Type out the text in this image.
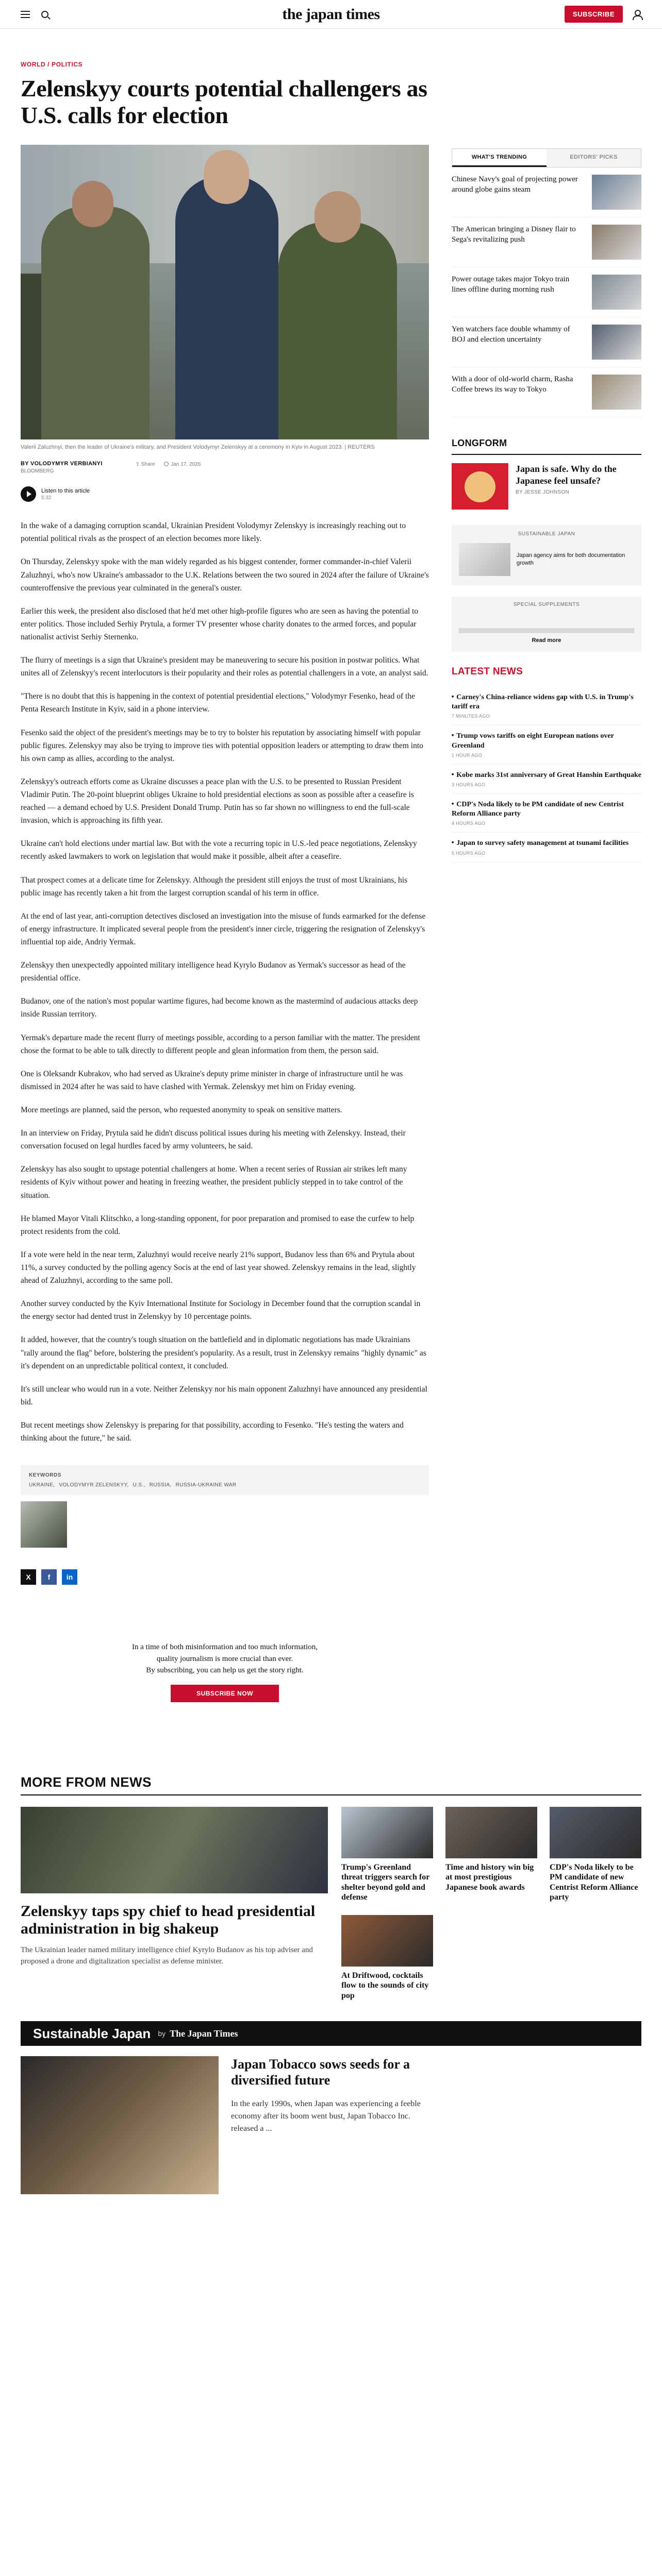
the japan times	SUBSCRIBE
WORLD / POLITICS
Zelenskyy courts potential challengers as U.S. calls for election
Valerii Zaluzhnyi, then the leader of Ukraine's military, and President Volodymyr Zelenskyy at a ceremony in Kyiv in August 2023. | REUTERS
BY VOLODYMYR VERBIANYI
BLOOMBERG
⇪ Share	Jan 17, 2026
Listen to this article
5:32

In the wake of a damaging corruption scandal, Ukrainian President Volodymyr Zelenskyy is increasingly reaching out to potential political rivals as the prospect of an election becomes more likely.

On Thursday, Zelenskyy spoke with the man widely regarded as his biggest contender, former commander-in-chief Valerii Zaluzhnyi, who's now Ukraine's ambassador to the U.K. Relations between the two soured in 2024 after the failure of Ukraine's counteroffensive the previous year culminated in the general's ouster.

Earlier this week, the president also disclosed that he'd met other high-profile figures who are seen as having the potential to enter politics. Those included Serhiy Prytula, a former TV presenter whose charity donates to the armed forces, and popular nationalist activist Serhiy Sternenko.

The flurry of meetings is a sign that Ukraine's president may be maneuvering to secure his position in postwar politics. What unites all of Zelenskyy's recent interlocutors is their popularity and their roles as potential challengers in a vote, an analyst said.

"There is no doubt that this is happening in the context of potential presidential elections," Volodymyr Fesenko, head of the Penta Research Institute in Kyiv, said in a phone interview.

Fesenko said the object of the president's meetings may be to try to bolster his reputation by associating himself with popular public figures. Zelenskyy may also be trying to improve ties with potential opposition leaders or attempting to draw them into his own camp as allies, according to the analyst.

Zelenskyy's outreach efforts come as Ukraine discusses a peace plan with the U.S. to be presented to Russian President Vladimir Putin. The 20-point blueprint obliges Ukraine to hold presidential elections as soon as possible after a ceasefire is reached — a demand echoed by U.S. President Donald Trump. Putin has so far shown no willingness to end the full-scale invasion, which is approaching its fifth year.

Ukraine can't hold elections under martial law. But with the vote a recurring topic in U.S.-led peace negotiations, Zelenskyy recently asked lawmakers to work on legislation that would make it possible, albeit after a ceasefire.

That prospect comes at a delicate time for Zelenskyy. Although the president still enjoys the trust of most Ukrainians, his public image has recently taken a hit from the largest corruption scandal of his term in office.

At the end of last year, anti-corruption detectives disclosed an investigation into the misuse of funds earmarked for the defense of energy infrastructure. It implicated several people from the president's inner circle, triggering the resignation of Zelenskyy's influential top aide, Andriy Yermak.

Zelenskyy then unexpectedly appointed military intelligence head Kyrylo Budanov as Yermak's successor as head of the presidential office.

Budanov, one of the nation's most popular wartime figures, had become known as the mastermind of audacious attacks deep inside Russian territory.

Yermak's departure made the recent flurry of meetings possible, according to a person familiar with the matter. The president chose the format to be able to talk directly to different people and glean information from them, the person said.

One is Oleksandr Kubrakov, who had served as Ukraine's deputy prime minister in charge of infrastructure until he was dismissed in 2024 after he was said to have clashed with Yermak. Zelenskyy met him on Friday evening.

More meetings are planned, said the person, who requested anonymity to speak on sensitive matters.

In an interview on Friday, Prytula said he didn't discuss political issues during his meeting with Zelenskyy. Instead, their conversation focused on legal hurdles faced by army volunteers, he said.

Zelenskyy has also sought to upstage potential challengers at home. When a recent series of Russian air strikes left many residents of Kyiv without power and heating in freezing weather, the president publicly stepped in to take control of the situation.

He blamed Mayor Vitali Klitschko, a long-standing opponent, for poor preparation and promised to ease the curfew to help protect residents from the cold.

If a vote were held in the near term, Zaluzhnyi would receive nearly 21% support, Budanov less than 6% and Prytula about 11%, a survey conducted by the polling agency Socis at the end of last year showed. Zelenskyy remains in the lead, slightly ahead of Zaluzhnyi, according to the same poll.

Another survey conducted by the Kyiv International Institute for Sociology in December found that the corruption scandal in the energy sector had dented trust in Zelenskyy by 10 percentage points.

It added, however, that the country's tough situation on the battlefield and in diplomatic negotiations has made Ukrainians "rally around the flag" before, bolstering the president's popularity. As a result, trust in Zelenskyy remains "highly dynamic" as it's dependent on an unpredictable political context, it concluded.

It's still unclear who would run in a vote. Neither Zelenskyy nor his main opponent Zaluzhnyi have announced any presidential bid.

But recent meetings show Zelenskyy is preparing for that possibility, according to Fesenko. "He's testing the waters and thinking about the future," he said.

KEYWORDS
UKRAINE, VOLODYMYR ZELENSKYY, U.S., RUSSIA, RUSSIA-UKRAINE WAR
X	f	in

In a time of both misinformation and too much information,

quality journalism is more crucial than ever.

By subscribing, you can help us get the story right.

SUBSCRIBE NOW
WHAT'S TRENDING	EDITORS' PICKS
Chinese Navy's goal of projecting power around globe gains steam
The American bringing a Disney flair to Sega's revitalizing push
Power outage takes major Tokyo train lines offline during morning rush
Yen watchers face double whammy of BOJ and election uncertainty
With a door of old-world charm, Rasha Coffee brews its way to Tokyo
LONGFORM
Japan is safe. Why do the Japanese feel unsafe?
BY JESSE JOHNSON
SUSTAINABLE JAPAN
Japan agency aims for both documentation growth
SPECIAL SUPPLEMENTS
Read more
LATEST NEWS
■ Carney's China-reliance widens gap with U.S. in Trump's tariff era
7 MINUTES AGO
■ Trump vows tariffs on eight European nations over Greenland
1 HOUR AGO
■ Kobe marks 31st anniversary of Great Hanshin Earthquake
3 HOURS AGO
■ CDP's Noda likely to be PM candidate of new Centrist Reform Alliance party
4 HOURS AGO
■ Japan to survey safety management at tsunami facilities
5 HOURS AGO
MORE FROM NEWS
Zelenskyy taps spy chief to head presidential administration in big shakeup
The Ukrainian leader named military intelligence chief Kyrylo Budanov as his top adviser and proposed a drone and digitalization specialist as defense minister.
Trump's Greenland threat triggers search for shelter beyond gold and defense
Time and history win big at most prestigious Japanese book awards
CDP's Noda likely to be PM candidate of new Centrist Reform Alliance party
At Driftwood, cocktails flow to the sounds of city pop
Sustainable Japan by The Japan Times
Japan Tobacco sows seeds for a diversified future
In the early 1990s, when Japan was experiencing a feeble economy after its boom went bust, Japan Tobacco Inc. released a ...
